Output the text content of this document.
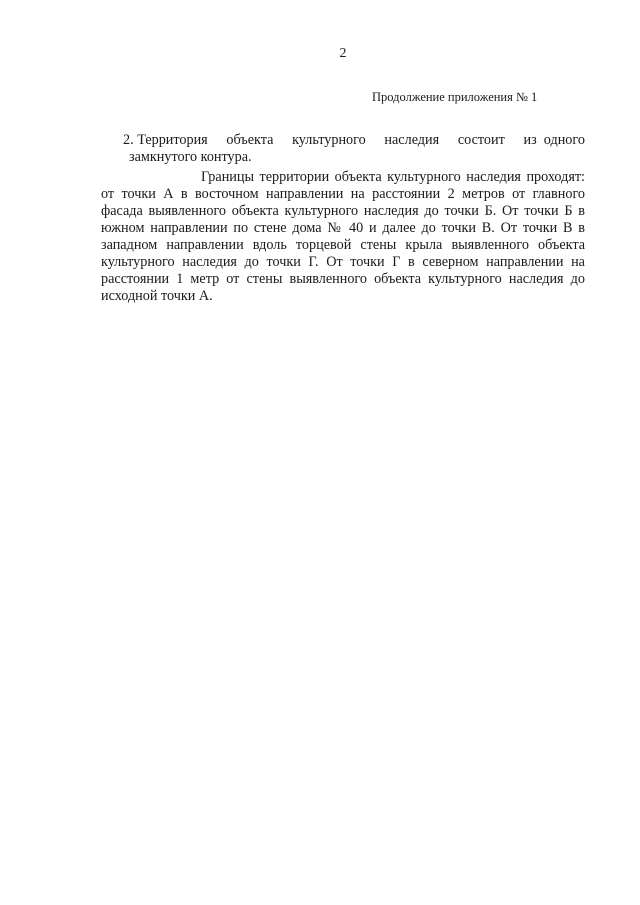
2
Продолжение приложения № 1
2. Территория объекта культурного наследия состоит из одного
замкнутого контура.

Границы территории объекта культурного наследия проходят: от точки А в восточном направлении на расстоянии 2 метров от главного фасада выявленного объекта культурного наследия до точки Б. От точки Б в южном направлении по стене дома № 40 и далее до точки В. От точки В в западном направлении вдоль торцевой стены крыла выявленного объекта культурного наследия до точки Г. От точки Г в северном направлении на расстоянии 1 метр от стены выявленного объекта культурного наследия до исходной точки А.
